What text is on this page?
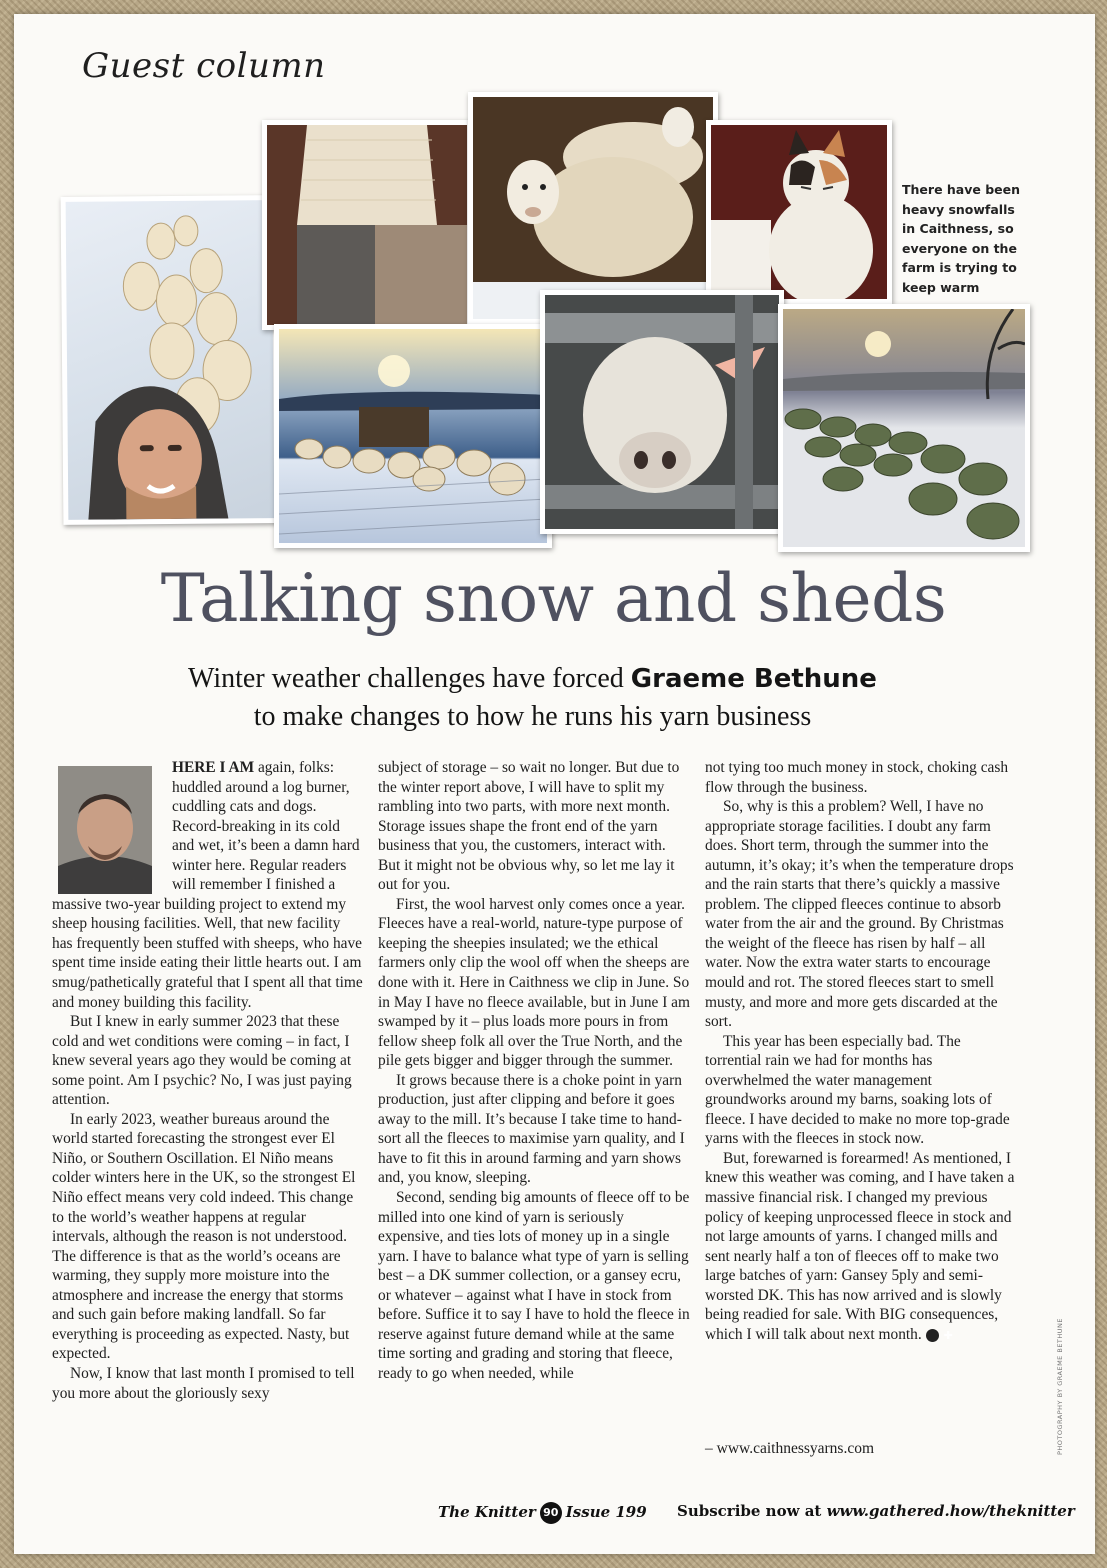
Guest column
There have been heavy snowfalls in Caithness, so everyone on the farm is trying to keep warm
Talking snow and sheds
Winter weather challenges have forced Graeme Bethune
to make changes to how he runs his yarn business

HERE I AM again, folks: huddled around a log burner, cuddling cats and dogs. Record-breaking in its cold and wet, it’s been a damn hard winter here. Regular readers will remember I finished a massive two-year building project to extend my sheep housing facilities. Well, that new facility has frequently been stuffed with sheeps, who have spent time inside eating their little hearts out. I am smug/pathetically grateful that I spent all that time and money building this facility.

But I knew in early summer 2023 that these cold and wet conditions were coming – in fact, I knew several years ago they would be coming at some point. Am I psychic? No, I was just paying attention.

In early 2023, weather bureaus around the world started forecasting the strongest ever El Niño, or Southern Oscillation. El Niño means colder winters here in the UK, so the strongest El Niño effect means very cold indeed. This change to the world’s weather happens at regular intervals, although the reason is not understood. The difference is that as the world’s oceans are warming, they supply more moisture into the atmosphere and increase the energy that storms and such gain before making landfall. So far everything is proceeding as expected. Nasty, but expected.

Now, I know that last month I promised to tell you more about the gloriously sexy

subject of storage – so wait no longer. But due to the winter report above, I will have to split my rambling into two parts, with more next month. Storage issues shape the front end of the yarn business that you, the customers, interact with. But it might not be obvious why, so let me lay it out for you.

First, the wool harvest only comes once a year. Fleeces have a real-world, nature-type purpose of keeping the sheepies insulated; we the ethical farmers only clip the wool off when the sheeps are done with it. Here in Caithness we clip in June. So in May I have no fleece available, but in June I am swamped by it – plus loads more pours in from fellow sheep folk all over the True North, and the pile gets bigger and bigger through the summer.

It grows because there is a choke point in yarn production, just after clipping and before it goes away to the mill. It’s because I take time to hand-sort all the fleeces to maximise yarn quality, and I have to fit this in around farming and yarn shows and, you know, sleeping.

Second, sending big amounts of fleece off to be milled into one kind of yarn is seriously expensive, and ties lots of money up in a single yarn. I have to balance what type of yarn is selling best – a DK summer collection, or a gansey ecru, or whatever – against what I have in stock from before. Suffice it to say I have to hold the fleece in reserve against future demand while at the same time sorting and grading and storing that fleece, ready to go when needed, while

not tying too much money in stock, choking cash flow through the business.

So, why is this a problem? Well, I have no appropriate storage facilities. I doubt any farm does. Short term, through the summer into the autumn, it’s okay; it’s when the temperature drops and the rain starts that there’s quickly a massive problem. The clipped fleeces continue to absorb water from the air and the ground. By Christmas the weight of the fleece has risen by half – all water. Now the extra water starts to encourage mould and rot. The stored fleeces start to smell musty, and more and more gets discarded at the sort.

This year has been especially bad. The torrential rain we had for months has overwhelmed the water management groundworks around my barns, soaking lots of fleece. I have decided to make no more top-grade yarns with the fleeces in stock now.

But, forewarned is forearmed! As mentioned, I knew this weather was coming, and I have taken a massive financial risk. I changed my previous policy of keeping unprocessed fleece in stock and not large amounts of yarns. I changed mills and sent nearly half a ton of fleeces off to make two large batches of yarn: Gansey 5ply and semi-worsted DK. This has now arrived and is slowly being readied for sale. With BIG consequences, which I will talk about next month. ✚

– www.caithnessyarns.com	PHOTOGRAPHY BY GRAEME BETHUNE
The Knitter 90 Issue 199 Subscribe now at www.gathered.how/theknitter
